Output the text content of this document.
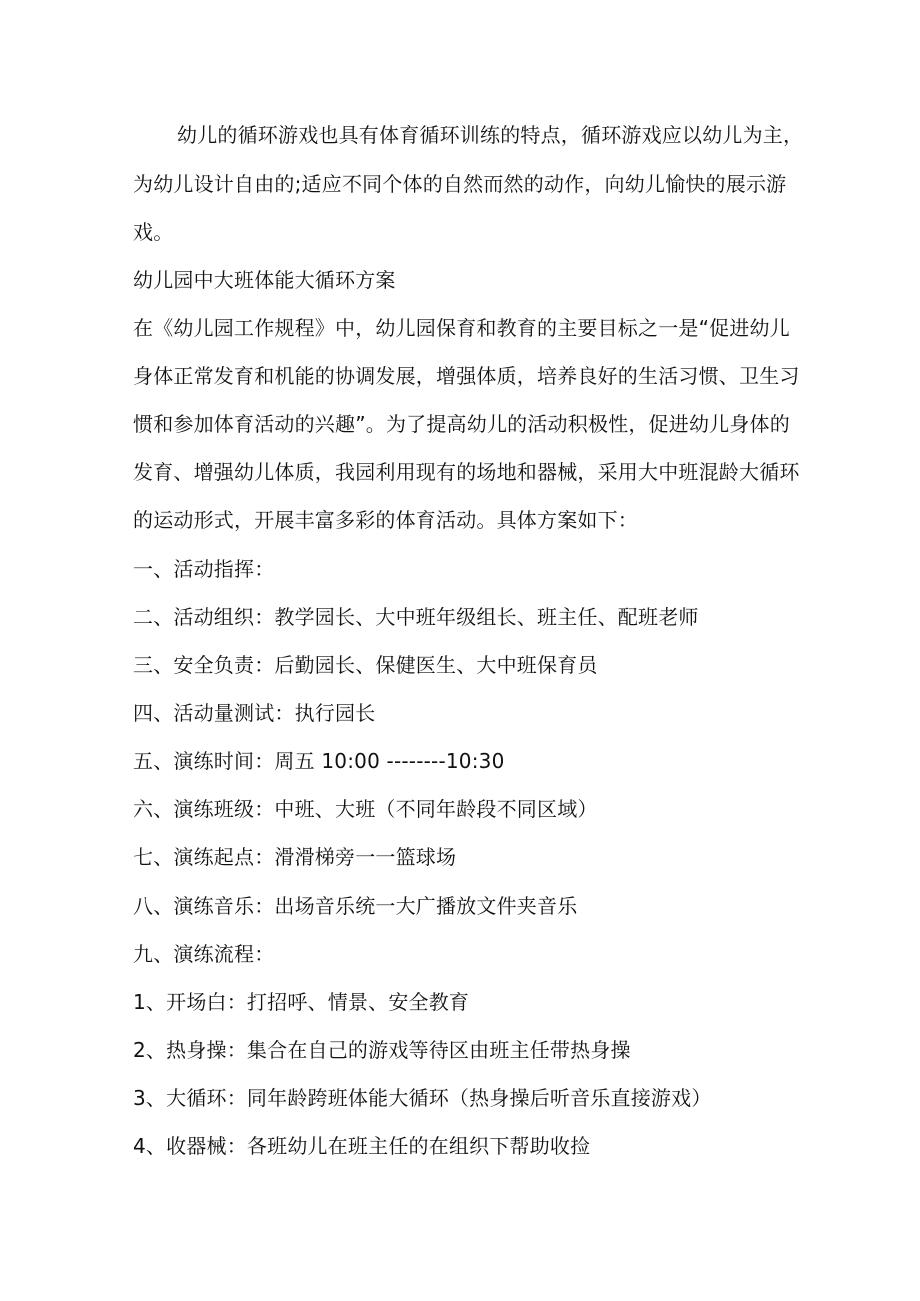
幼儿的循环游戏也具有体育循环训练的特点，循环游戏应以幼儿为主，
为幼儿设计自由的;适应不同个体的自然而然的动作，向幼儿愉快的展示游
戏。
幼儿园中大班体能大循环方案
在《幼儿园工作规程》中，幼儿园保育和教育的主要目标之一是“促进幼儿
身体正常发育和机能的协调发展，增强体质，培养良好的生活习惯、卫生习
惯和参加体育活动的兴趣”。为了提高幼儿的活动积极性，促进幼儿身体的
发育、增强幼儿体质，我园利用现有的场地和器械，采用大中班混龄大循环
的运动形式，开展丰富多彩的体育活动。具体方案如下：
一、活动指挥：
二、活动组织：教学园长、大中班年级组长、班主任、配班老师
三、安全负责：后勤园长、保健医生、大中班保育员
四、活动量测试：执行园长
五、演练时间：周五 10:00 --------10:30
六、演练班级：中班、大班（不同年龄段不同区域）
七、演练起点：滑滑梯旁一一篮球场
八、演练音乐：出场音乐统一大广播放文件夹音乐
九、演练流程：
1、开场白：打招呼、情景、安全教育
2、热身操：集合在自己的游戏等待区由班主任带热身操
3、大循环：同年龄跨班体能大循环（热身操后听音乐直接游戏）
4、收器械：各班幼儿在班主任的在组织下帮助收捡
